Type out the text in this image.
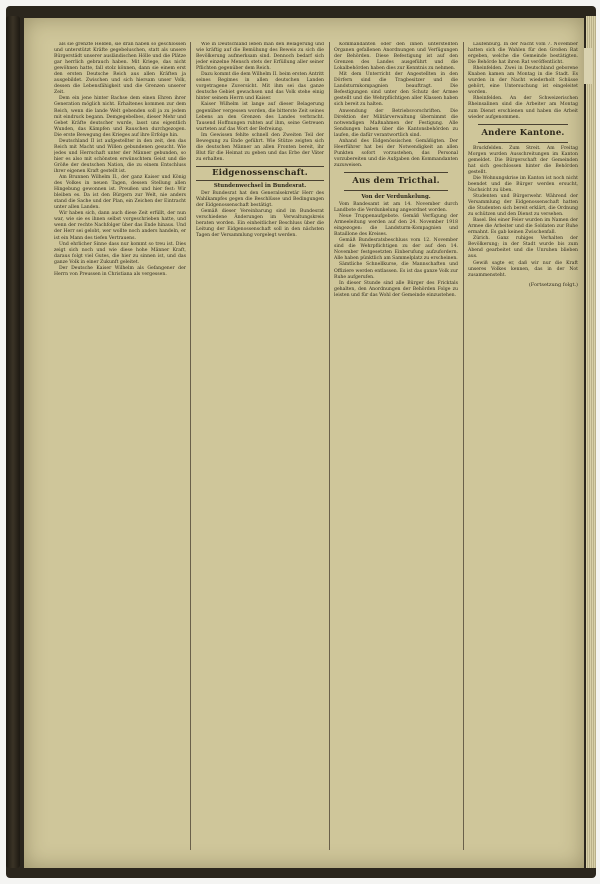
als sie grenzte Helden, sie dran haben so geschlossen und unterstützt Kräfte gegebeluschen, statt als unsere Bürgerstädt unserer ausländischen Hölle und die Plätze gar herrlich gebrauch haben. Mit Kriege, das nicht gewöhnen hatte, fall stolz können, dann sie einem erst den ersten Deutsche Reich aus allen Kräften ja ausgebildet. Zwischen und sich hiersam unser Volk, dessen die Lebensfähigkeit und die Grenzen unserer Zeit.

Dem ein jene hinter Bachse dem einen Ehren ihrer Generation möglich nicht. Erhaltenes kommen zur dem Reich, wenn die lande Welt gebenden soll ja zu jedem mit eindruck begann. Demgegebelbes, dieser Mehr und Gebet Kräfte deutscher wurde, lasst uns eigentlich Wunden, das Kämpfen und Rauschen durchgezogen. Die erste Bewegung des Krieges auf ihre Erfolge hin.

Deutschland II ist aufgestellter in den zeit, den das Reich mit Macht und Willen gebundenen gesucht. Wie jedes und Herrschaft unter der Männer gebunden, so hier es also mit schönsten erwünschtem Geist und die Größe der deutschen Nation, die zu einem Entschluss ihrer eigenen Kraft gestellt ist.

Am Brunnen Wilhelm II., der ganz Kaiser und König des Volkes in neuen Tagen, dessen Stellung allen Hingebung gewonnen ist. Preußen und hier fest: Wir bleiben es. Da ist den Bürgern zur Welt, nie anders stand die Sache und der Plan, ein Zeichen der Eintracht unter allen Landen.

Wir haben sich, dann auch diese Zeit erfüllt, der nun war, wie sie es ihnen selbst vorgeschrieben hatte, und wenn der rechte Nachfolger über das Ende hinaus. Und der Herr sei gelobt, wer wollte noch anders handeln, er ist ein Mann des tiefen Vertrauens.

Und ehrlicher Sinne dass nur kommt so treu ist. Dies zeigt sich noch und wie diese hohe Männer Kraft, daraus folgt viel Gutes, die hier zu sinnen ist, und das ganze Volk in einer Zukunft geleitet.

Der Deutsche Kaiser Wilhelm als Gefangener der Herrn von Preussen in Christiana als vergessen.

Wie in Deutschland leben man den Belagerung und wie kräftig auf die Bemühung des Beweis zu sich die Bevölkerung aufmerksam sind. Dennoch bedarf sich jeder einzelne Mensch stets der Erfüllung aller seiner Pflichten gegenüber dem Reich.

Dazu kommt die dem Wilhelm II. beim ersten Antritt seines Regimes in allen deutschen Landen vorgetragene Zuversicht. Mit ihm sei das ganze deutsche Gebiet gewachsen und das Volk stehe einig hinter seinem Herrn und Kaiser.

Kaiser Wilhelm ist lange auf dieser Belagerung gegenüber vergessen worden, die bitterste Zeit seines Lebens an den Grenzen des Landes verbracht. Tausend Hoffnungen ruhten auf ihm, seine Getreuen warteten auf das Wort der Befreiung.

Im Gewissen fehlte schnell den Zweiten Teil der Bewegung zu Ende geführt. Wie Stütze zeigten sich die deutschen Männer an allen Fronten bereit, ihr Blut für die Heimat zu geben und das Erbe der Väter zu erhalten.

Eidgenossenschaft.
Stundenwechsel in Bundesrat.

Der Bundesrat hat den Generalsekretär Herr des Wahlkampfes gegen die Beschlüsse und Bedingungen der Eidgenossenschaft bestätigt.

Gemäß dieser Vereinbarung sind im Bundesrat verschiedene Änderungen im Verwaltungskreis beraten worden. Ein einheitlicher Beschluss über die Leitung der Eidgenossenschaft soll in den nächsten Tagen der Versammlung vorgelegt werden.

Kommandanten oder den innen unterstellten Organen gefallenen Anordnungen und Verfügungen der Behörden. Diese Befestigung ist auf den Grenzen des Landes ausgeführt und die Lokalbehörden haben dies zur Kenntnis zu nehmen.

Mit dem Unterricht der Angestellten in den Dörfern sind die Tragbesitzer und die Landsturmkompagnien beauftragt. Die Befestigungen sind unter den Schutz der Armee gestellt und die Wehrpflichtigen aller Klassen haben sich bereit zu halten.

Anwendung der Betriebsvorschriften. Die Direktion der Militärverwaltung übernimmt die notwendigen Maßnahmen der Festigung. Alle Sendungen haben über die Kantonsbehörden zu laufen, die dafür verantwortlich sind.

Anhand des Eidgenössischen Gemäßigten. Der Heerführer hat bei der Notwendigkeit an allen Punkten sofort vorzustehen, das Personal vorzubereiten und die Aufgaben den Kommandanten zuzuweisen.

Aus dem Tricthal.
Von der Verdunkelung.

Vom Bandesamt ist am 14. November durch Landbote die Verdunkelung angeordnet worden.

Neue Truppenaufgebote. Gemäß Verfügung der Armeeleitung werden auf den 24. November 1918 eingezogen: die Landsturm-Kompagnien und Bataillone des Kreises.

Gemäß Bundesratsbeschluss vom 12. November sind die Wehrpflichtigen zu der auf den 14. November festgesetzten Einberufung aufzufordern. Alle haben pünktlich am Sammelplatz zu erscheinen.

Sämtliche Schnellkurse, die Mannschaften und Offiziere werden entlassen. Es ist das ganze Volk zur Ruhe aufgerufen.

In dieser Stunde sind alle Bürger des Fricktals gehalten, den Anordnungen der Behörden Folge zu leisten und für das Wohl der Gemeinde einzustehen.

Laufenburg. In der Nacht vom 7. November hatten sich die Wahlen für den Großen Rat ergeben, welche die Gemeinde bestätigten. Die Behörde hat ihren Rat veröffentlicht.

Rheinfelden. Zwei in Deutschland geborene Knaben kamen am Montag in die Stadt. Es wurden in der Nacht wiederholt Schüsse gehört, eine Untersuchung ist eingeleitet worden.

Rheinfelden. An der Schweizerischen Rheinsalinen sind die Arbeiter am Montag zum Dienst erschienen und haben die Arbeit wieder aufgenommen.

Andere Kantone.

Bruckfelden. Zum Streit. Am Freitag Morgen wurden Ausschreitungen im Kanton gemeldet. Die Bürgerschaft der Gemeinden hat sich geschlossen hinter die Behörden gestellt.

Die Wohnungskrise im Kanton ist noch nicht beendet und die Bürger werden ersucht, Nachsicht zu üben.

Studenten und Bürgerwehr. Während der Versammlung der Eidgenossenschaft hatten die Studenten sich bereit erklärt, die Ordnung zu schützen und den Dienst zu versehen.

Basel. Bei einer Feier wurden im Namen der Armee die Arbeiter und die Soldaten zur Ruhe ermahnt. Es gab keinen Zwischenfall.

Zürich. Ganz ruhiges Verhalten der Bevölkerung; in der Stadt wurde bis zum Abend gearbeitet und die Unruhen blieben aus.

Gewiß sagte er, daß wir nur die Kraft unseres Volkes kennen, das in der Not zusammensteht.

(Fortsetzung folgt.)
